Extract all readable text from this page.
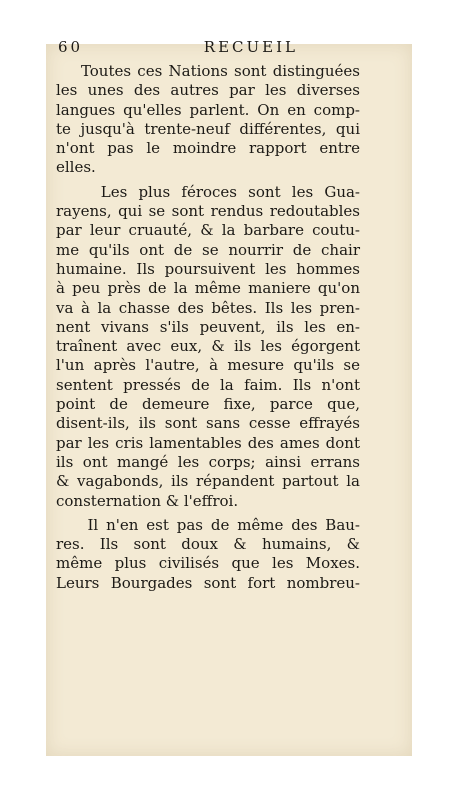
60	RECUEIL
Toutes ces Nations sont distinguées
les unes des autres par les diverses
langues qu'elles parlent. On en comp-
te jusqu'à trente-neuf différentes, qui
n'ont pas le moindre rapport entre
elles.
Les plus féroces sont les Gua-
rayens, qui se sont rendus redoutables
par leur cruauté, & la barbare coutu-
me qu'ils ont de se nourrir de chair
humaine. Ils poursuivent les hommes
à peu près de la même maniere qu'on
va à la chasse des bêtes. Ils les pren-
nent vivans s'ils peuvent, ils les en-
traînent avec eux, & ils les égorgent
l'un après l'autre, à mesure qu'ils se
sentent pressés de la faim. Ils n'ont
point de demeure fixe, parce que,
disent-ils, ils sont sans cesse effrayés
par les cris lamentables des ames dont
ils ont mangé les corps; ainsi errans
& vagabonds, ils répandent partout la
consternation & l'effroi.
Il n'en est pas de même des Bau-
res. Ils sont doux & humains, &
même plus civilisés que les Moxes.
Leurs Bourgades sont fort nombreu-
